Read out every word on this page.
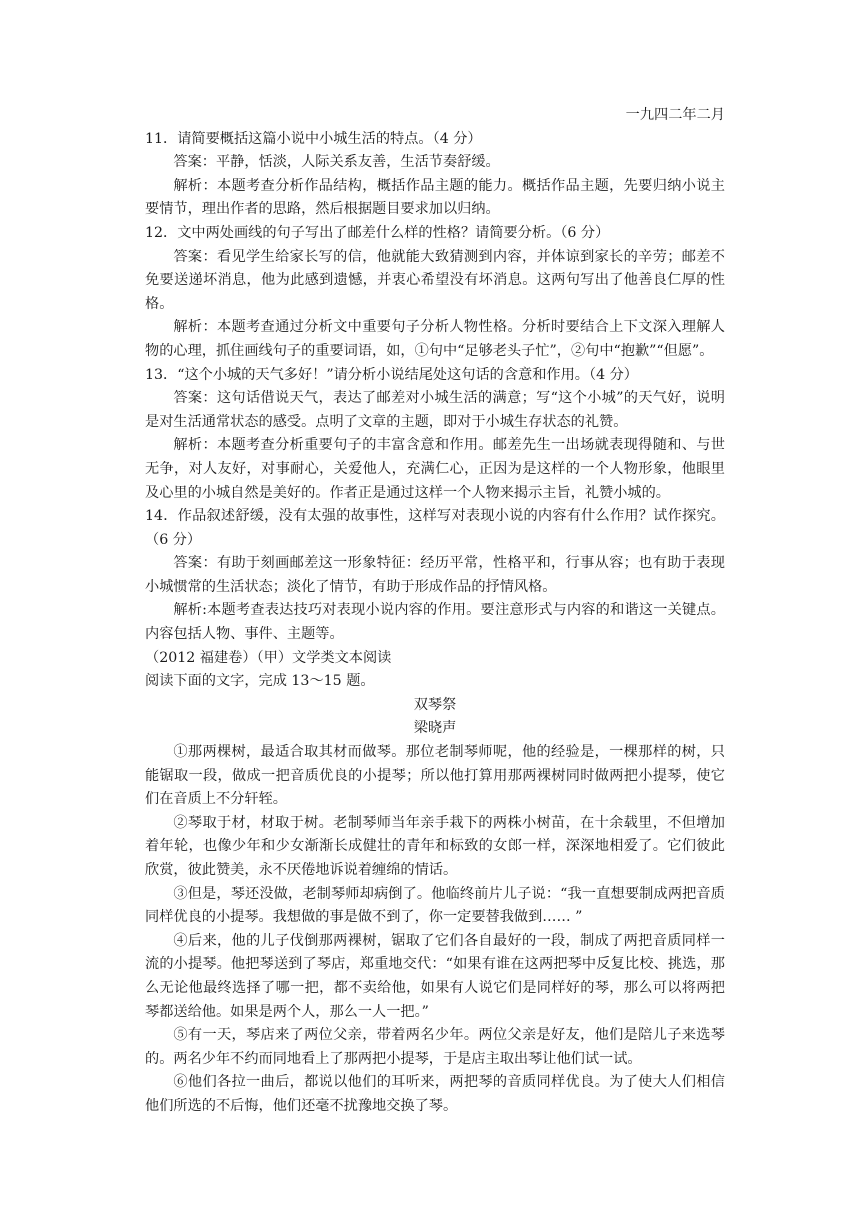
一九四二年二月
11．请简要概括这篇小说中小城生活的特点。（4 分）
答案：平静，恬淡，人际关系友善，生活节奏舒缓。
解析：本题考查分析作品结构，概括作品主题的能力。概括作品主题，先要归纳小说主要情节，理出作者的思路，然后根据题目要求加以归纳。
12．文中两处画线的句子写出了邮差什么样的性格？请简要分析。（6 分）
答案：看见学生给家长写的信，他就能大致猜测到内容，并体谅到家长的辛劳；邮差不免要送递坏消息，他为此感到遗憾，并衷心希望没有坏消息。这两句写出了他善良仁厚的性格。
解析：本题考查通过分析文中重要句子分析人物性格。分析时要结合上下文深入理解人物的心理，抓住画线句子的重要词语，如，①句中“足够老头子忙”，②句中“抱歉”“但愿”。
13．“这个小城的天气多好！”请分析小说结尾处这句话的含意和作用。（4 分）
答案：这句话借说天气，表达了邮差对小城生活的满意；写“这个小城”的天气好，说明是对生活通常状态的感受。点明了文章的主题，即对于小城生存状态的礼赞。
解析：本题考查分析重要句子的丰富含意和作用。邮差先生一出场就表现得随和、与世无争，对人友好，对事耐心，关爱他人，充满仁心，正因为是这样的一个人物形象，他眼里及心里的小城自然是美好的。作者正是通过这样一个人物来揭示主旨，礼赞小城的。
14．作品叙述舒缓，没有太强的故事性，这样写对表现小说的内容有什么作用？试作探究。（6 分）
答案：有助于刻画邮差这一形象特征：经历平常，性格平和，行事从容；也有助于表现小城惯常的生活状态；淡化了情节，有助于形成作品的抒情风格。
解析:本题考查表达技巧对表现小说内容的作用。要注意形式与内容的和谐这一关键点。内容包括人物、事件、主题等。
（2012 福建卷）（甲）文学类文本阅读
阅读下面的文字，完成 13～15 题。
双琴祭
梁晓声
①那两棵树，最适合取其材而做琴。那位老制琴师呢，他的经验是，一棵那样的树，只能锯取一段，做成一把音质优良的小提琴；所以他打算用那两裸树同时做两把小提琴，使它们在音质上不分轩轾。
②琴取于材，材取于树。老制琴师当年亲手栽下的两株小树苗，在十余载里，不但增加着年轮，也像少年和少女渐渐长成健壮的青年和标致的女郎一样，深深地相爱了。它们彼此欣赏，彼此赞美，永不厌倦地诉说着缠绵的情话。
③但是，琴还没做，老制琴师却病倒了。他临终前片儿子说：“我一直想要制成两把音质同样优良的小提琴。我想做的事是做不到了，你一定要替我做到…… ”
④后来，他的儿子伐倒那两裸树，锯取了它们各自最好的一段，制成了两把音质同样一流的小提琴。他把琴送到了琴店，郑重地交代：“如果有谁在这两把琴中反复比校、挑选，那么无论他最终选择了哪一把，都不卖给他，如果有人说它们是同样好的琴，那么可以将两把琴都送给他。如果是两个人，那么一人一把。”
⑤有一天，琴店来了两位父亲，带着两名少年。两位父亲是好友，他们是陪儿子来选琴的。两名少年不约而同地看上了那两把小提琴，于是店主取出琴让他们试一试。
⑥他们各拉一曲后，都说以他们的耳听来，两把琴的音质同样优良。为了使大人们相信他们所选的不后悔，他们还毫不扰豫地交换了琴。
